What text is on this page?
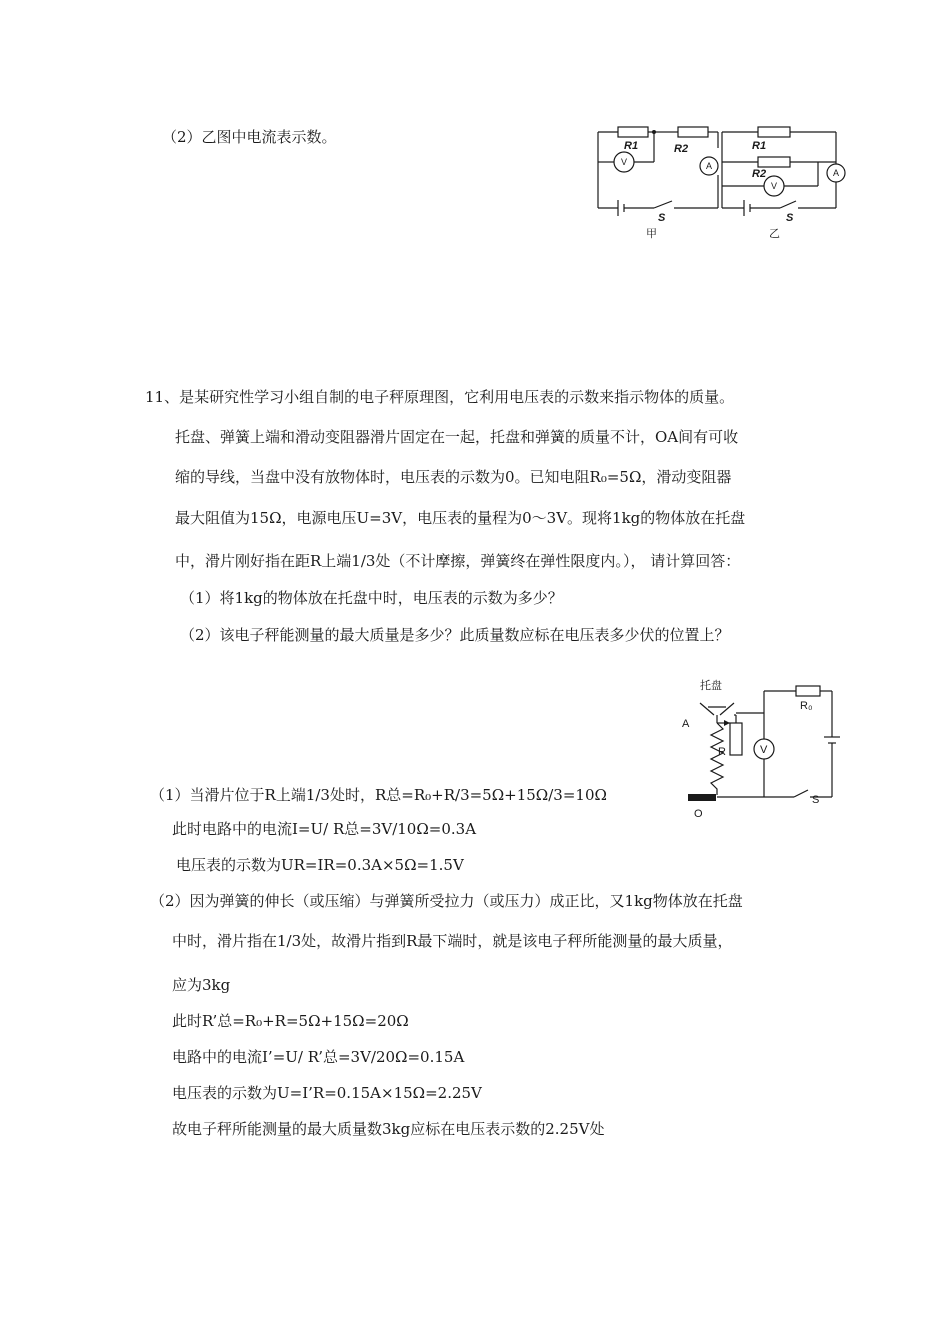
（2）乙图中电流表示数。	R1	R2	R1
R2
S	S
V	A
V
A
甲	乙
11、是某研究性学习小组自制的电子秤原理图，它利用电压表的示数来指示物体的质量。
托盘、弹簧上端和滑动变阻器滑片固定在一起，托盘和弹簧的质量不计，OA间有可收
缩的导线，当盘中没有放物体时，电压表的示数为0。已知电阻R₀=5Ω，滑动变阻器
最大阻值为15Ω，电源电压U=3V，电压表的量程为0～3V。现将1kg的物体放在托盘
中，滑片刚好指在距R上端1/3处（不计摩擦，弹簧终在弹性限度内。）， 请计算回答：
（1）将1kg的物体放在托盘中时，电压表的示数为多少？
（2）该电子秤能测量的最大质量是多少？此质量数应标在电压表多少伏的位置上？
托盘
A
R
R₀
V
S
O
（1）当滑片位于R上端1/3处时，R总=R₀+R/3=5Ω+15Ω/3=10Ω
此时电路中的电流I=U/ R总=3V/10Ω=0.3A
电压表的示数为UR=IR=0.3A×5Ω=1.5V
（2）因为弹簧的伸长（或压缩）与弹簧所受拉力（或压力）成正比，又1kg物体放在托盘
中时，滑片指在1/3处，故滑片指到R最下端时，就是该电子秤所能测量的最大质量，
应为3kg
此时R’总=R₀+R=5Ω+15Ω=20Ω
电路中的电流I’=U/ R’总=3V/20Ω=0.15A
电压表的示数为U=I’R=0.15A×15Ω=2.25V
故电子秤所能测量的最大质量数3kg应标在电压表示数的2.25V处
